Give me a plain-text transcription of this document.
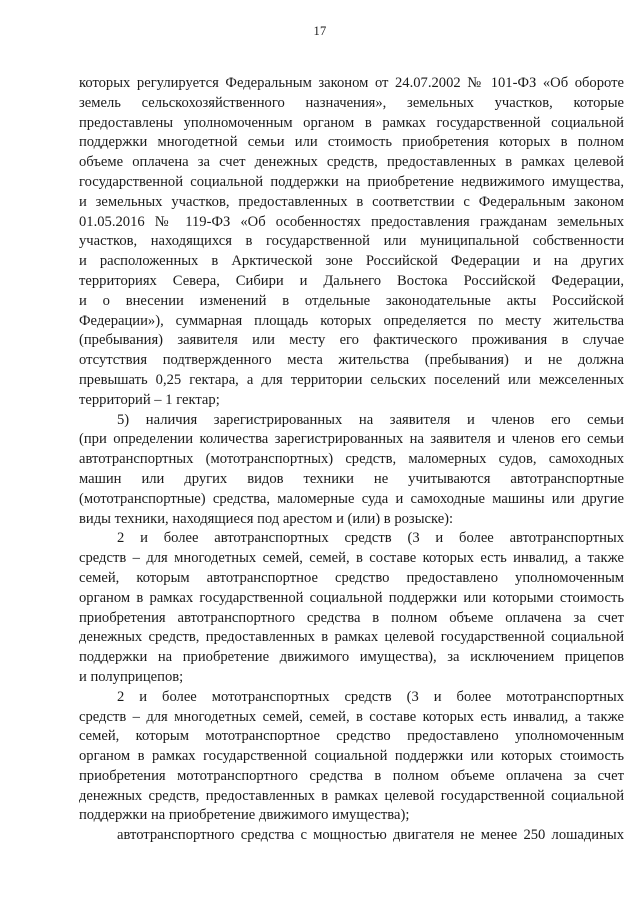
17
которых регулируется Федеральным законом от 24.07.2002 № 101-ФЗ «Об обороте
земель сельскохозяйственного назначения», земельных участков, которые
предоставлены уполномоченным органом в рамках государственной социальной
поддержки многодетной семьи или стоимость приобретения которых в полном
объеме оплачена за счет денежных средств, предоставленных в рамках целевой
государственной социальной поддержки на приобретение недвижимого имущества,
и земельных участков, предоставленных в соответствии с Федеральным законом
01.05.2016 № 119-ФЗ «Об особенностях предоставления гражданам земельных
участков, находящихся в государственной или муниципальной собственности
и расположенных в Арктической зоне Российской Федерации и на других
территориях Севера, Сибири и Дальнего Востока Российской Федерации,
и о внесении изменений в отдельные законодательные акты Российской
Федерации»), суммарная площадь которых определяется по месту жительства
(пребывания) заявителя или месту его фактического проживания в случае
отсутствия подтвержденного места жительства (пребывания) и не должна
превышать 0,25 гектара, а для территории сельских поселений или межселенных
территорий – 1 гектар;
5) наличия зарегистрированных на заявителя и членов его семьи
(при определении количества зарегистрированных на заявителя и членов его семьи
автотранспортных (мототранспортных) средств, маломерных судов, самоходных
машин или других видов техники не учитываются автотранспортные
(мототранспортные) средства, маломерные суда и самоходные машины или другие
виды техники, находящиеся под арестом и (или) в розыске):
2 и более автотранспортных средств (3 и более автотранспортных
средств – для многодетных семей, семей, в составе которых есть инвалид, а также
семей, которым автотранспортное средство предоставлено уполномоченным
органом в рамках государственной социальной поддержки или которыми стоимость
приобретения автотранспортного средства в полном объеме оплачена за счет
денежных средств, предоставленных в рамках целевой государственной социальной
поддержки на приобретение движимого имущества), за исключением прицепов
и полуприцепов;
2 и более мототранспортных средств (3 и более мототранспортных
средств – для многодетных семей, семей, в составе которых есть инвалид, а также
семей, которым мототранспортное средство предоставлено уполномоченным
органом в рамках государственной социальной поддержки или которых стоимость
приобретения мототранспортного средства в полном объеме оплачена за счет
денежных средств, предоставленных в рамках целевой государственной социальной
поддержки на приобретение движимого имущества);
автотранспортного средства с мощностью двигателя не менее 250 лошадиных
